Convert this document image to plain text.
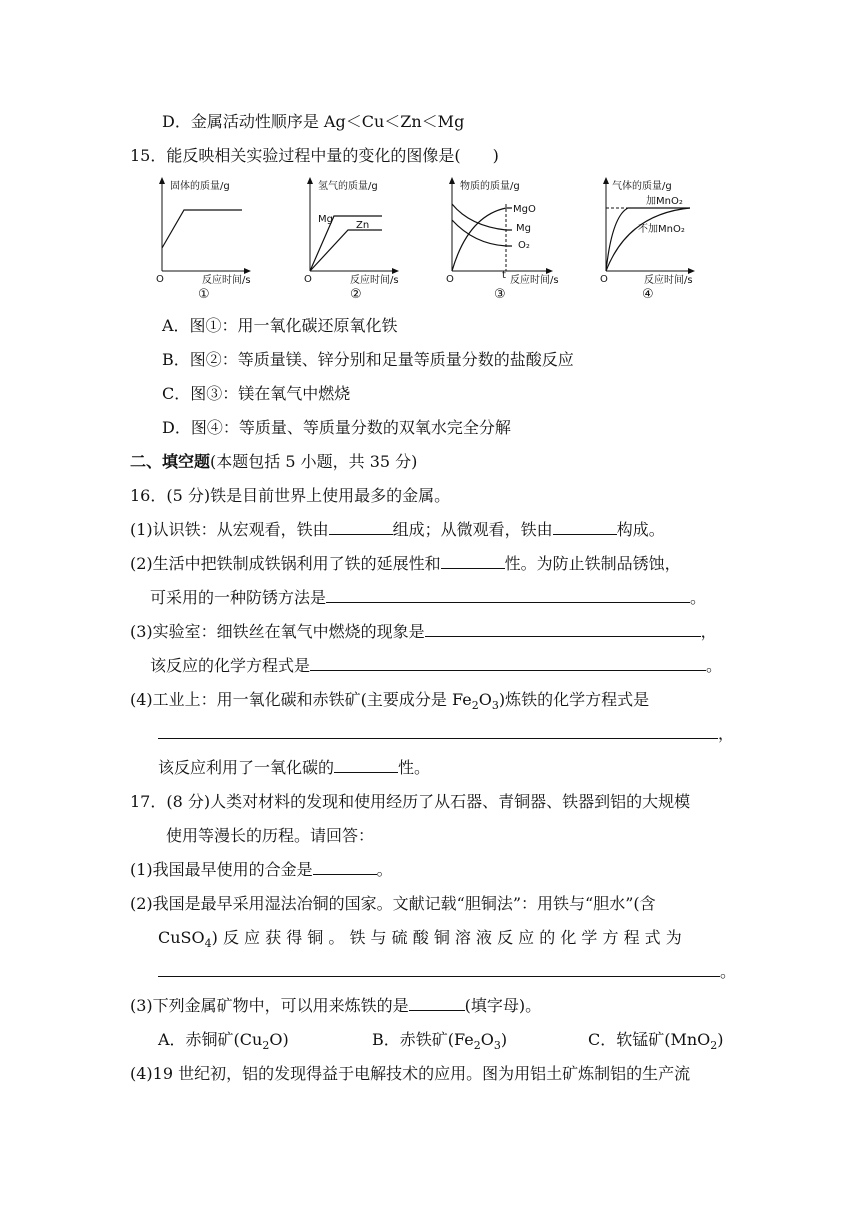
D．金属活动性顺序是 Ag＜Cu＜Zn＜Mg
15．能反映相关实验过程中量的变化的图像是(　　)
固体的质量/g
反应时间/s
O
①
氢气的质量/g
Mg
Zn
反应时间/s
O
②
物质的质量/g
MgO
Mg
O₂
t 反应时间/s
O
③
气体的质量/g
加MnO₂
不加MnO₂
反应时间/s
O
④
A．图①：用一氧化碳还原氧化铁
B．图②：等质量镁、锌分别和足量等质量分数的盐酸反应
C．图③：镁在氧气中燃烧
D．图④：等质量、等质量分数的双氧水完全分解
二、填空题(本题包括 5 小题，共 35 分)
16．(5 分)铁是目前世界上使用最多的金属。
(1)认识铁：从宏观看，铁由	组成；从微观看，铁由	构成。
(2)生活中把铁制成铁锅利用了铁的延展性和	性。为防止铁制品锈蚀，
可采用的一种防锈方法是	。
(3)实验室：细铁丝在氧气中燃烧的现象是	，
该反应的化学方程式是	。
(4)工业上：用一氧化碳和赤铁矿(主要成分是 $Fe_2O_3$)炼铁的化学方程式是
，
该反应利用了一氧化碳的	性。
17．(8 分)人类对材料的发现和使用经历了从石器、青铜器、铁器到铝的大规模
使用等漫长的历程。请回答：
(1)我国最早使用的合金是	。
(2)我国是最早采用湿法冶铜的国家。文献记载“胆铜法”：用铁与“胆水”(含
CuSO$_4$) 反 应 获 得 铜 。 铁 与 硫 酸 铜 溶 液 反 应 的 化 学 方 程 式 为
。
(3)下列金属矿物中，可以用来炼铁的是	(填字母)。
A．赤铜矿$(Cu_2O)$	B．赤铁矿$(Fe_2O_3)$	C．软锰矿(MnO$_2$)
(4)19 世纪初，铝的发现得益于电解技术的应用。图为用铝土矿炼制铝的生产流
